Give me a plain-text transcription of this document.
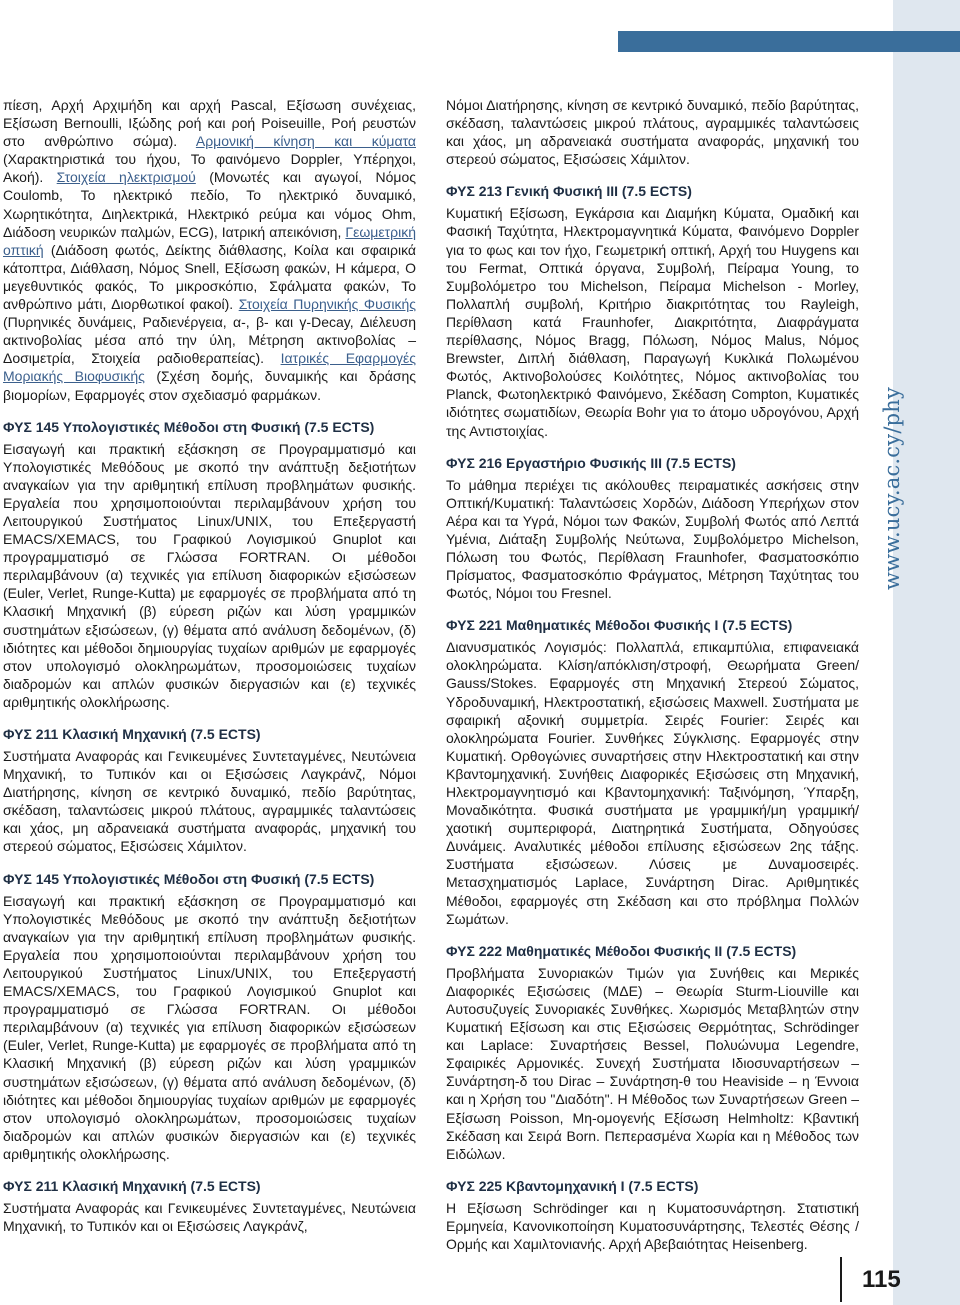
www.ucy.ac.cy/phy

πίεση, Αρχή Αρχιμήδη και αρχή Pascal, Εξίσωση συνέχειας, Εξίσωση Bernoulli, Ιξώδης ροή και ροή Poiseuille, Ροή ρευστών στο ανθρώπινο σώμα). Αρμονική κίνηση και κύματα (Χαρακτηριστικά του ήχου, Το φαινόμενο Doppler, Υπέρηχοι, Ακοή). Στοιχεία ηλεκτρισμού (Μονωτές και αγωγοί, Νόμος Coulomb, Το ηλεκτρικό πεδίο, Το ηλεκτρικό δυναμικό, Χωρητικότητα, Διηλεκτρικά, Ηλεκτρικό ρεύμα και νόμος Ohm, Διάδοση νευρικών παλμών, ECG), Ιατρική απεικόνιση, Γεωμετρική οπτική (Διάδοση φωτός, Δείκτης διάθλασης, Κοίλα και σφαιρικά κάτοπτρα, Διάθλαση, Νόμος Snell, Εξίσωση φακών, Η κάμερα, Ο μεγεθυντικός φακός, Το μικροσκόπιο, Σφάλματα φακών, Το ανθρώπινο μάτι, Διορθωτικοί φακοί). Στοιχεία Πυρηνικής Φυσικής (Πυρηνικές δυνάμεις, Ραδιενέργεια, α-, β- και γ-Decay, Διέλευση ακτινοβολίας μέσα από την ύλη, Μέτρηση ακτινοβολίας – Δοσιμετρία, Στοιχεία ραδιοθεραπείας). Ιατρικές Εφαρμογές Μοριακής Βιοφυσικής (Σχέση δομής, δυναμικής και δράσης βιομορίων, Εφαρμογές στον σχεδιασμό φαρμάκων.

ΦΥΣ 145 Υπολογιστικές Μέθοδοι στη Φυσική (7.5 ECTS)

Εισαγωγή και πρακτική εξάσκηση σε Προγραμματισμό και Υπολογιστικές Μεθόδους με σκοπό την ανάπτυξη δεξιοτήτων αναγκαίων για την αριθμητική επίλυση προβλημάτων φυσικής. Εργαλεία που χρησιμοποιούνται περιλαμβάνουν χρήση του Λειτουργικού Συστήματος Linux/UNIX, του Επεξεργαστή EMACS/XEMACS, του Γραφικού Λογισμικού Gnuplot και προγραμματισμό σε Γλώσσα FORTRAN. Οι μέθοδοι περιλαμβάνουν (α) τεχνικές για επίλυση διαφορικών εξισώσεων (Euler, Verlet, Runge-Kutta) με εφαρμογές σε προβλήματα από τη Κλασική Μηχανική (β) εύρεση ριζών και λύση γραμμικών συστημάτων εξισώσεων, (γ) θέματα από ανάλυση δεδομένων, (δ) ιδιότητες και μέθοδοι δημιουργίας τυχαίων αριθμών με εφαρμογές στον υπολογισμό ολοκληρωμάτων, προσομοιώσεις τυχαίων διαδρομών και απλών φυσικών διεργασιών και (ε) τεχνικές αριθμητικής ολοκλήρωσης.

ΦΥΣ 211 Κλασική Μηχανική (7.5 ECTS)

Συστήματα Αναφοράς και Γενικευμένες Συντεταγμένες, Νευτώνεια Μηχανική, το Τυπικόν και οι Εξισώσεις Λαγκράνζ, Νόμοι Διατήρησης, κίνηση σε κεντρικό δυναμικό, πεδίο βαρύτητας, σκέδαση, ταλαντώσεις μικρού πλάτους, αγραμμικές ταλαντώσεις και χάος, μη αδρανειακά συστήματα αναφοράς, μηχανική του στερεού σώματος, Εξισώσεις Χάμιλτον.

ΦΥΣ 145 Υπολογιστικές Μέθοδοι στη Φυσική (7.5 ECTS)

Εισαγωγή και πρακτική εξάσκηση σε Προγραμματισμό και Υπολογιστικές Μεθόδους με σκοπό την ανάπτυξη δεξιοτήτων αναγκαίων για την αριθμητική επίλυση προβλημάτων φυσικής. Εργαλεία που χρησιμοποιούνται περιλαμβάνουν χρήση του Λειτουργικού Συστήματος Linux/UNIX, του Επεξεργαστή EMACS/XEMACS, του Γραφικού Λογισμικού Gnuplot και προγραμματισμό σε Γλώσσα FORTRAN. Οι μέθοδοι περιλαμβάνουν (α) τεχνικές για επίλυση διαφορικών εξισώσεων (Euler, Verlet, Runge-Kutta) με εφαρμογές σε προβλήματα από τη Κλασική Μηχανική (β) εύρεση ριζών και λύση γραμμικών συστημάτων εξισώσεων, (γ) θέματα από ανάλυση δεδομένων, (δ) ιδιότητες και μέθοδοι δημιουργίας τυχαίων αριθμών με εφαρμογές στον υπολογισμό ολοκληρωμάτων, προσομοιώσεις τυχαίων διαδρομών και απλών φυσικών διεργασιών και (ε) τεχνικές αριθμητικής ολοκλήρωσης.

ΦΥΣ 211 Κλασική Μηχανική (7.5 ECTS)

Συστήματα Αναφοράς και Γενικευμένες Συντεταγμένες, Νευτώνεια Μηχανική, το Τυπικόν και οι Εξισώσεις Λαγκράνζ,

Νόμοι Διατήρησης, κίνηση σε κεντρικό δυναμικό, πεδίο βαρύτητας, σκέδαση, ταλαντώσεις μικρού πλάτους, αγραμμικές ταλαντώσεις και χάος, μη αδρανειακά συστήματα αναφοράς, μηχανική του στερεού σώματος, Εξισώσεις Χάμιλτον.

ΦΥΣ 213 Γενική Φυσική ΙΙΙ (7.5 ECTS)

Κυματική Εξίσωση, Εγκάρσια και Διαμήκη Κύματα, Ομαδική και Φασική Ταχύτητα, Ηλεκτρομαγνητικά Κύματα, Φαινόμενο Doppler για το φως και τον ήχο, Γεωμετρική οπτική, Αρχή του Huygens και του Fermat, Οπτικά όργανα, Συμβολή, Πείραμα Young, το Συμβολόμετρο του Michelson, Πείραμα Michelson - Morley, Πολλαπλή συμβολή, Κριτήριο διακριτότητας του Rayleigh, Περίθλαση κατά Fraunhofer, Διακριτότητα, Διαφράγματα περίθλασης, Νόμος Bragg, Πόλωση, Νόμος Malus, Νόμος Brewster, Διπλή διάθλαση, Παραγωγή Κυκλικά Πολωμένου Φωτός, Ακτινοβολούσες Κοιλότητες, Νόμος ακτινοβολίας του Planck, Φωτοηλεκτρικό Φαινόμενο, Σκέδαση Compton, Κυματικές ιδιότητες σωματιδίων, Θεωρία Bohr για το άτομο υδρογόνου, Αρχή της Αντιστοιχίας.

ΦΥΣ 216 Εργαστήριο Φυσικής ΙΙΙ (7.5 ECTS)

Το μάθημα περιέχει τις ακόλουθες πειραματικές ασκήσεις στην Οπτική/Κυματική: Ταλαντώσεις Χορδών, Διάδοση Υπερήχων στον Αέρα και τα Υγρά, Νόμοι των Φακών, Συμβολή Φωτός από Λεπτά Υμένια, Διάταξη Συμβολής Νεύτωνα, Συμβολόμετρο Michelson, Πόλωση του Φωτός, Περίθλαση Fraunhofer, Φασματοσκόπιο Πρίσματος, Φασματοσκόπιο Φράγματος, Μέτρηση Ταχύτητας του Φωτός, Νόμοι του Fresnel.

ΦΥΣ 221 Μαθηματικές Μέθοδοι Φυσικής Ι (7.5 ECTS)

Διανυσματικός Λογισμός: Πολλαπλά, επικαμπύλια, επιφανειακά ολοκληρώματα. Κλίση/απόκλιση/στροφή, Θεωρήματα Green/ Gauss/Stokes. Εφαρμογές στη Μηχανική Στερεού Σώματος, Υδροδυναμική, Ηλεκτροστατική, εξισώσεις Maxwell. Συστήματα με σφαιρική αξονική συμμετρία. Σειρές Fourier: Σειρές και ολοκληρώματα Fourier. Συνθήκες Σύγκλισης. Εφαρμογές στην Κυματική. Ορθογώνιες συναρτήσεις στην Ηλεκτροστατική και στην Κβαντομηχανική. Συνήθεις Διαφορικές Εξισώσεις στη Μηχανική, Ηλεκτρομαγνητισμό και Κβαντομηχανική: Ταξινόμηση, Ύπαρξη, Μοναδικότητα. Φυσικά συστήματα με γραμμική/μη γραμμική/ χαοτική συμπεριφορά, Διατηρητικά Συστήματα, Οδηγούσες Δυνάμεις. Αναλυτικές μέθοδοι επίλυσης εξισώσεων 2ης τάξης. Συστήματα εξισώσεων. Λύσεις με Δυναμοσειρές. Μετασχηματισμός Laplace, Συνάρτηση Dirac. Αριθμητικές Μέθοδοι, εφαρμογές στη Σκέδαση και στο πρόβλημα Πολλών Σωμάτων.

ΦΥΣ 222 Μαθηματικές Μέθοδοι Φυσικής ΙΙ (7.5 ECTS)

Προβλήματα Συνοριακών Τιμών για Συνήθεις και Μερικές Διαφορικές Εξισώσεις (ΜΔΕ) – Θεωρία Sturm-Liouville και Αυτοσυζυγείς Συνοριακές Συνθήκες. Χωρισμός Μεταβλητών στην Κυματική Εξίσωση και στις Εξισώσεις Θερμότητας, Schrödinger και Laplace: Συναρτήσεις Bessel, Πολυώνυμα Legendre, Σφαιρικές Αρμονικές. Συνεχή Συστήματα Ιδιοσυναρτήσεων – Συνάρτηση-δ του Dirac – Συνάρτηση-θ του Heaviside – η Έννοια και η Χρήση του "Διαδότη". Η Μέθοδος των Συναρτήσεων Green – Εξίσωση Poisson, Μη-ομογενής Εξίσωση Helmholtz: Κβαντική Σκέδαση και Σειρά Born. Πεπερασμένα Χωρία και η Μέθοδος των Ειδώλων.

ΦΥΣ 225 Κβαντομηχανική Ι (7.5 ECTS)

Η Εξίσωση Schrödinger και η Κυματοσυνάρτηση. Στατιστική Ερμηνεία, Κανονικοποίηση Κυματοσυνάρτησης, Τελεστές Θέσης /Ορμής και Χαμιλτονιανής. Αρχή Αβεβαιότητας Heisenberg.

115
